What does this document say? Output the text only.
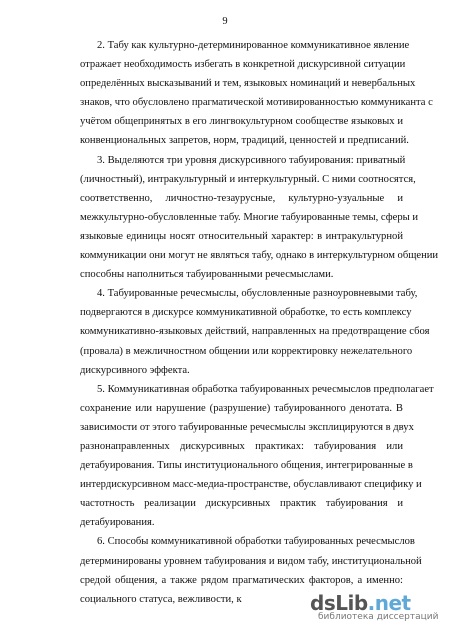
9
2. Табу как культурно-детерминированное коммуникативное явление
отражает необходимость избегать в конкретной дискурсивной ситуации
определённых высказываний и тем, языковых номинаций и невербальных
знаков, что обусловлено прагматической мотивированностью коммуниканта с
учётом общепринятых в его лингвокультурном сообществе языковых и
конвенциональных запретов, норм, традиций, ценностей и предписаний.
3. Выделяются три уровня дискурсивного табуирования: приватный
(личностный), интракультурный и интеркультурный. С ними соотносятся,
соответственно, личностно-тезаурусные, культурно-узуальные и
межкультурно-обусловленные табу. Многие табуированные темы, сферы и
языковые единицы носят относительный характер: в интракультурной
коммуникации они могут не являться табу, однако в интеркультурном общении
способны наполниться табуированными речесмыслами.
4. Табуированные речесмыслы, обусловленные разноуровневыми табу,
подвергаются в дискурсе коммуникативной обработке, то есть комплексу
коммуникативно-языковых действий, направленных на предотвращение сбоя
(провала) в межличностном общении или корректировку нежелательного
дискурсивного эффекта.
5. Коммуникативная обработка табуированных речесмыслов предполагает
сохранение или нарушение (разрушение) табуированного денотата. В
зависимости от этого табуированные речесмыслы эксплицируются в двух
разнонаправленных дискурсивных практиках: табуирования или
детабуирования. Типы институционального общения, интегрированные в
интердискурсивном масс-медиа-пространстве, обуславливают специфику и
частотность реализации дискурсивных практик табуирования и
детабуирования.
6. Способы коммуникативной обработки табуированных речесмыслов
детерминированы уровнем табуирования и видом табу, институциональной
средой общения, а также рядом прагматических факторов, а именно:
социального статуса, вежливости, к	dsLib.net
библиотека диссертаций
